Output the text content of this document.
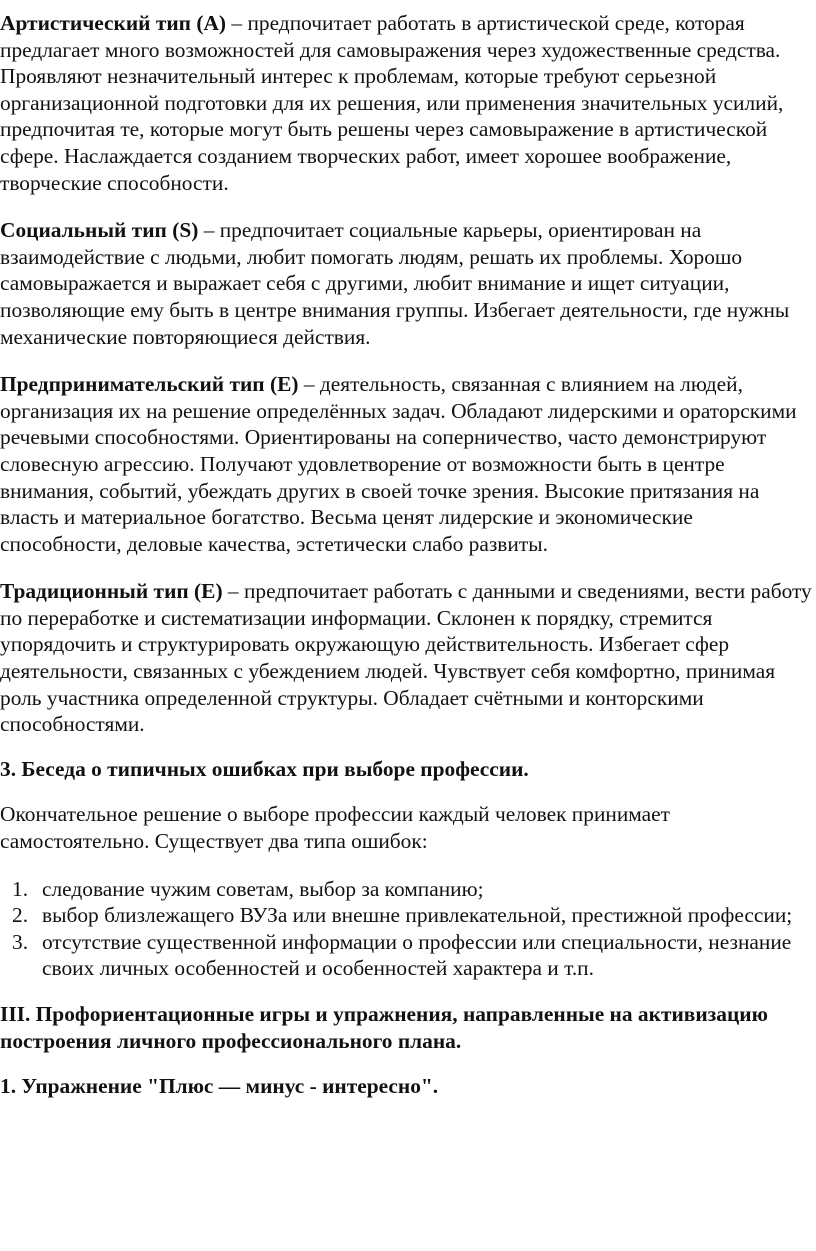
Артистический тип (А) – предпочитает работать в артистической среде, которая предлагает много возможностей для самовыражения через художественные средства. Проявляют незначительный интерес к проблемам, которые требуют серьезной организационной подготовки для их решения, или применения значительных усилий, предпочитая те, которые могут быть решены через самовыражение в артистической сфере. Наслаждается созданием творческих работ, имеет хорошее воображение, творческие способности.

Социальный тип (S) – предпочитает социальные карьеры, ориентирован на взаимодействие с людьми, любит помогать людям, решать их проблемы. Хорошо самовыражается и выражает себя с другими, любит внимание и ищет ситуации, позволяющие ему быть в центре внимания группы. Избегает деятельности, где нужны механические повторяющиеся действия.

Предпринимательский тип (Е) – деятельность, связанная с влиянием на людей, организация их на решение определённых задач. Обладают лидерскими и ораторскими речевыми способностями. Ориентированы на соперничество, часто демонстрируют словесную агрессию. Получают удовлетворение от возможности быть в центре внимания, событий, убеждать других в своей точке зрения. Высокие притязания на власть и материальное богатство. Весьма ценят лидерские и экономические способности, деловые качества, эстетически слабо развиты.

Традиционный тип (Е) – предпочитает работать с данными и сведениями, вести работу по переработке и систематизации информации. Склонен к порядку, стремится упорядочить и структурировать окружающую действительность. Избегает сфер деятельности, связанных с убеждением людей. Чувствует себя комфортно, принимая роль участника определенной структуры. Обладает счётными и конторскими способностями.

3. Беседа о типичных ошибках при выборе профессии.

Окончательное решение о выборе профессии каждый человек принимает самостоятельно. Существует два типа ошибок:

1. следование чужим советам, выбор за компанию;
2. выбор близлежащего ВУЗа или внешне привлекательной, престижной профессии;
3. отсутствие существенной информации о профессии или специальности, незнание своих личных особенностей и особенностей характера и т.п.
III. Профориентационные игры и упражнения, направленные на активизацию построения личного профессионального плана.
1. Упражнение "Плюс — минус - интересно".
